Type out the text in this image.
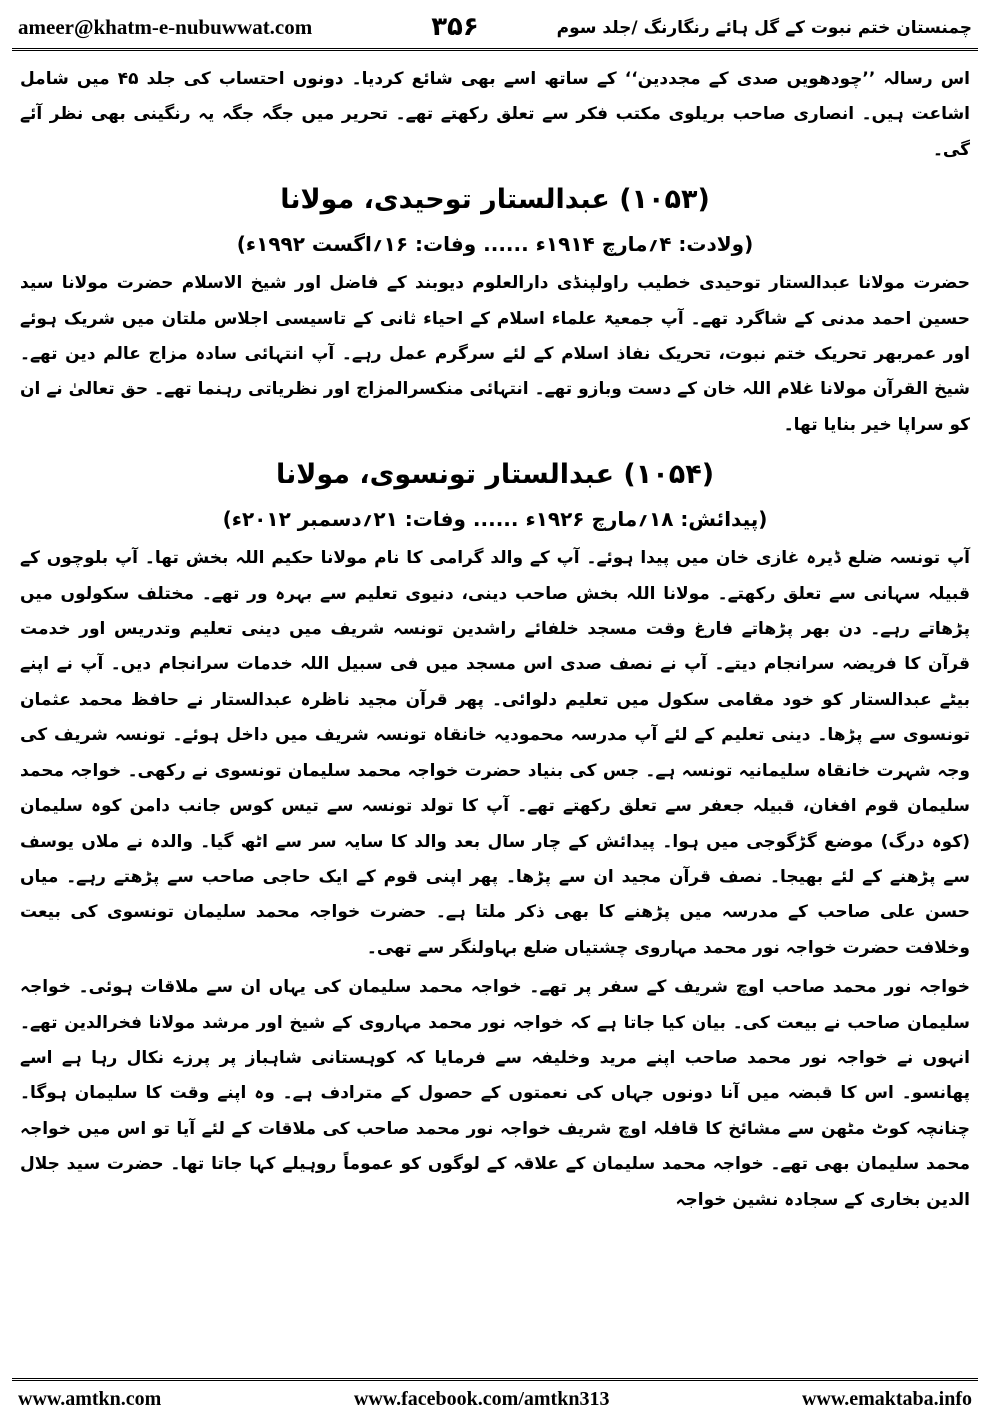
ameer@khatm-e-nubuwwat.com	۳۵۶	چمنستان ختم نبوت کے گل ہائے رنگارنگ /جلد سوم

اس رسالہ ’’چودھویں صدی کے مجددین‘‘ کے ساتھ اسے بھی شائع کردیا۔ دونوں احتساب کی جلد ۴۵ میں شامل اشاعت ہیں۔ انصاری صاحب بریلوی مکتب فکر سے تعلق رکھتے تھے۔ تحریر میں جگہ جگہ یہ رنگینی بھی نظر آئے گی۔

(۱۰۵۳) عبدالستار توحیدی، مولانا
(ولادت: ۴؍مارچ ۱۹۱۴ء ...... وفات: ۱۶؍اگست ۱۹۹۲ء)

حضرت مولانا عبدالستار توحیدی خطیب راولپنڈی دارالعلوم دیوبند کے فاضل اور شیخ الاسلام حضرت مولانا سید حسین احمد مدنی کے شاگرد تھے۔ آپ جمعیۃ علماء اسلام کے احیاء ثانی کے تاسیسی اجلاس ملتان میں شریک ہوئے اور عمربھر تحریک ختم نبوت، تحریک نفاذ اسلام کے لئے سرگرم عمل رہے۔ آپ انتہائی سادہ مزاج عالم دین تھے۔ شیخ القرآن مولانا غلام اللہ خان کے دست وبازو تھے۔ انتہائی منکسرالمزاج اور نظریاتی رہنما تھے۔ حق تعالیٰ نے ان کو سراپا خیر بنایا تھا۔

(۱۰۵۴) عبدالستار تونسوی، مولانا
(پیدائش: ۱۸؍مارچ ۱۹۲۶ء ...... وفات: ۲۱؍دسمبر ۲۰۱۲ء)

آپ تونسہ ضلع ڈیرہ غازی خان میں پیدا ہوئے۔ آپ کے والد گرامی کا نام مولانا حکیم اللہ بخش تھا۔ آپ بلوچوں کے قبیلہ سہانی سے تعلق رکھتے۔ مولانا اللہ بخش صاحب دینی، دنیوی تعلیم سے بہرہ ور تھے۔ مختلف سکولوں میں پڑھاتے رہے۔ دن بھر پڑھاتے فارغ وقت مسجد خلفائے راشدین تونسہ شریف میں دینی تعلیم وتدریس اور خدمت قرآن کا فریضہ سرانجام دیتے۔ آپ نے نصف صدی اس مسجد میں فی سبیل اللہ خدمات سرانجام دیں۔ آپ نے اپنے بیٹے عبدالستار کو خود مقامی سکول میں تعلیم دلوائی۔ پھر قرآن مجید ناظرہ عبدالستار نے حافظ محمد عثمان تونسوی سے پڑھا۔ دینی تعلیم کے لئے آپ مدرسہ محمودیہ خانقاہ تونسہ شریف میں داخل ہوئے۔ تونسہ شریف کی وجہ شہرت خانقاہ سلیمانیہ تونسہ ہے۔ جس کی بنیاد حضرت خواجہ محمد سلیمان تونسوی نے رکھی۔ خواجہ محمد سلیمان قوم افغان، قبیلہ جعفر سے تعلق رکھتے تھے۔ آپ کا تولد تونسہ سے تیس کوس جانب دامن کوہ سلیمان (کوہ درگ) موضع گڑگوجی میں ہوا۔ پیدائش کے چار سال بعد والد کا سایہ سر سے اٹھ گیا۔ والدہ نے ملاں یوسف سے پڑھنے کے لئے بھیجا۔ نصف قرآن مجید ان سے پڑھا۔ پھر اپنی قوم کے ایک حاجی صاحب سے پڑھتے رہے۔ میاں حسن علی صاحب کے مدرسہ میں پڑھنے کا بھی ذکر ملتا ہے۔ حضرت خواجہ محمد سلیمان تونسوی کی بیعت وخلافت حضرت خواجہ نور محمد مہاروی چشتیاں ضلع بہاولنگر سے تھی۔

خواجہ نور محمد صاحب اوچ شریف کے سفر پر تھے۔ خواجہ محمد سلیمان کی یہاں ان سے ملاقات ہوئی۔ خواجہ سلیمان صاحب نے بیعت کی۔ بیان کیا جاتا ہے کہ خواجہ نور محمد مہاروی کے شیخ اور مرشد مولانا فخرالدین تھے۔ انہوں نے خواجہ نور محمد صاحب اپنے مرید وخلیفہ سے فرمایا کہ کوہستانی شاہباز پر پرزے نکال رہا ہے اسے پھانسو۔ اس کا قبضہ میں آنا دونوں جہاں کی نعمتوں کے حصول کے مترادف ہے۔ وہ اپنے وقت کا سلیمان ہوگا۔ چنانچہ کوٹ مٹھن سے مشائخ کا قافلہ اوچ شریف خواجہ نور محمد صاحب کی ملاقات کے لئے آیا تو اس میں خواجہ محمد سلیمان بھی تھے۔ خواجہ محمد سلیمان کے علاقہ کے لوگوں کو عموماً روہیلے کہا جاتا تھا۔ حضرت سید جلال الدین بخاری کے سجادہ نشین خواجہ

www.amtkn.com	www.facebook.com/amtkn313	www.emaktaba.info
